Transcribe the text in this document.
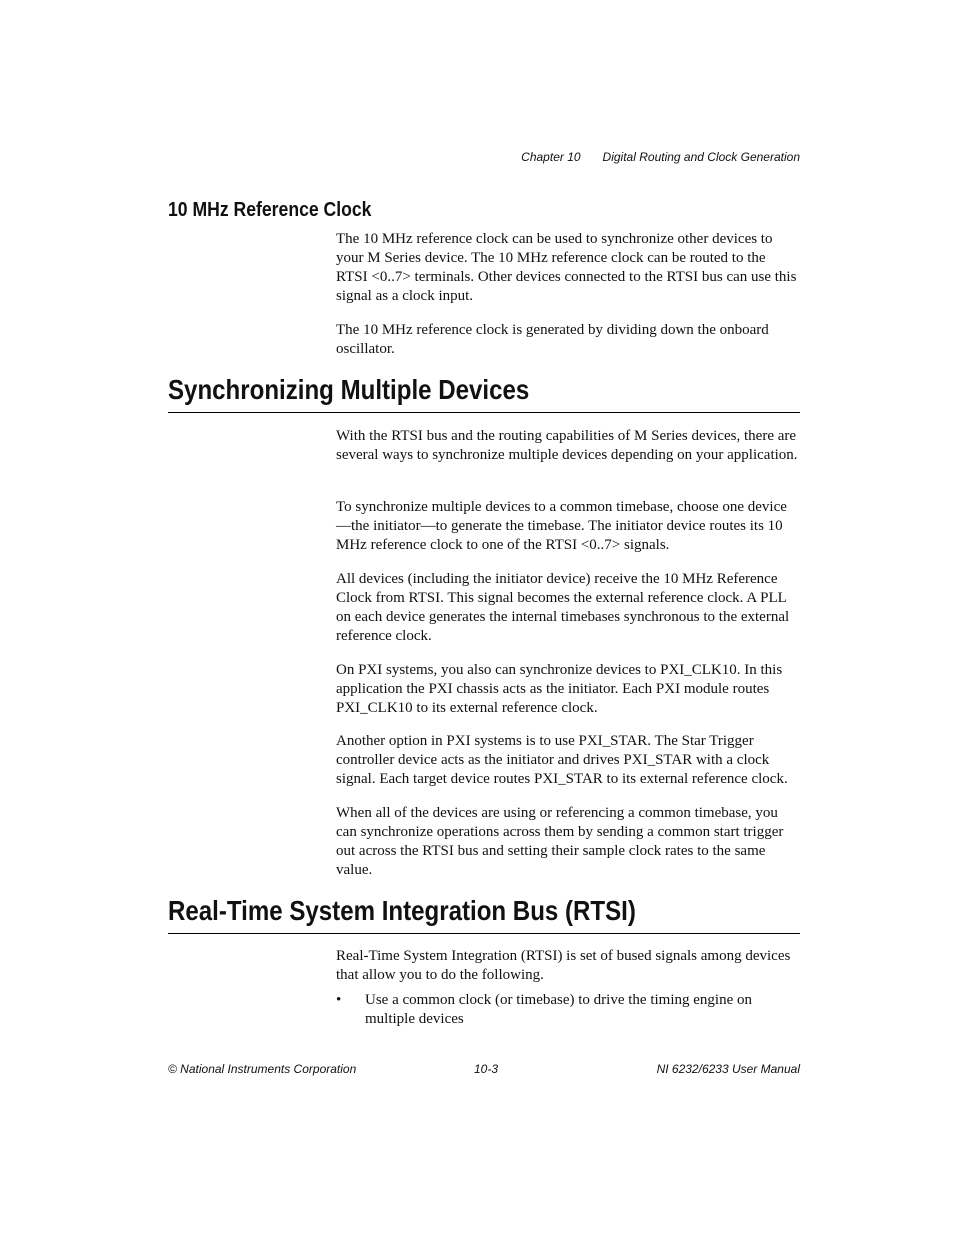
Chapter 10 Digital Routing and Clock Generation
10 MHz Reference Clock

The 10 MHz reference clock can be used to synchronize other devices to your M Series device. The 10 MHz reference clock can be routed to the RTSI <0..7> terminals. Other devices connected to the RTSI bus can use this signal as a clock input.

The 10 MHz reference clock is generated by dividing down the onboard oscillator.

Synchronizing Multiple Devices

With the RTSI bus and the routing capabilities of M Series devices, there are several ways to synchronize multiple devices depending on your application.

To synchronize multiple devices to a common timebase, choose one device—the initiator—to generate the timebase. The initiator device routes its 10 MHz reference clock to one of the RTSI <0..7> signals.

All devices (including the initiator device) receive the 10 MHz Reference Clock from RTSI. This signal becomes the external reference clock. A PLL on each device generates the internal timebases synchronous to the external reference clock.

On PXI systems, you also can synchronize devices to PXI_CLK10. In this application the PXI chassis acts as the initiator. Each PXI module routes PXI_CLK10 to its external reference clock.

Another option in PXI systems is to use PXI_STAR. The Star Trigger controller device acts as the initiator and drives PXI_STAR with a clock signal. Each target device routes PXI_STAR to its external reference clock.

When all of the devices are using or referencing a common timebase, you can synchronize operations across them by sending a common start trigger out across the RTSI bus and setting their sample clock rates to the same value.

Real-Time System Integration Bus (RTSI)

Real-Time System Integration (RTSI) is set of bused signals among devices that allow you to do the following.

• Use a common clock (or timebase) to drive the timing engine on multiple devices
© National Instruments Corporation	10-3	NI 6232/6233 User Manual
